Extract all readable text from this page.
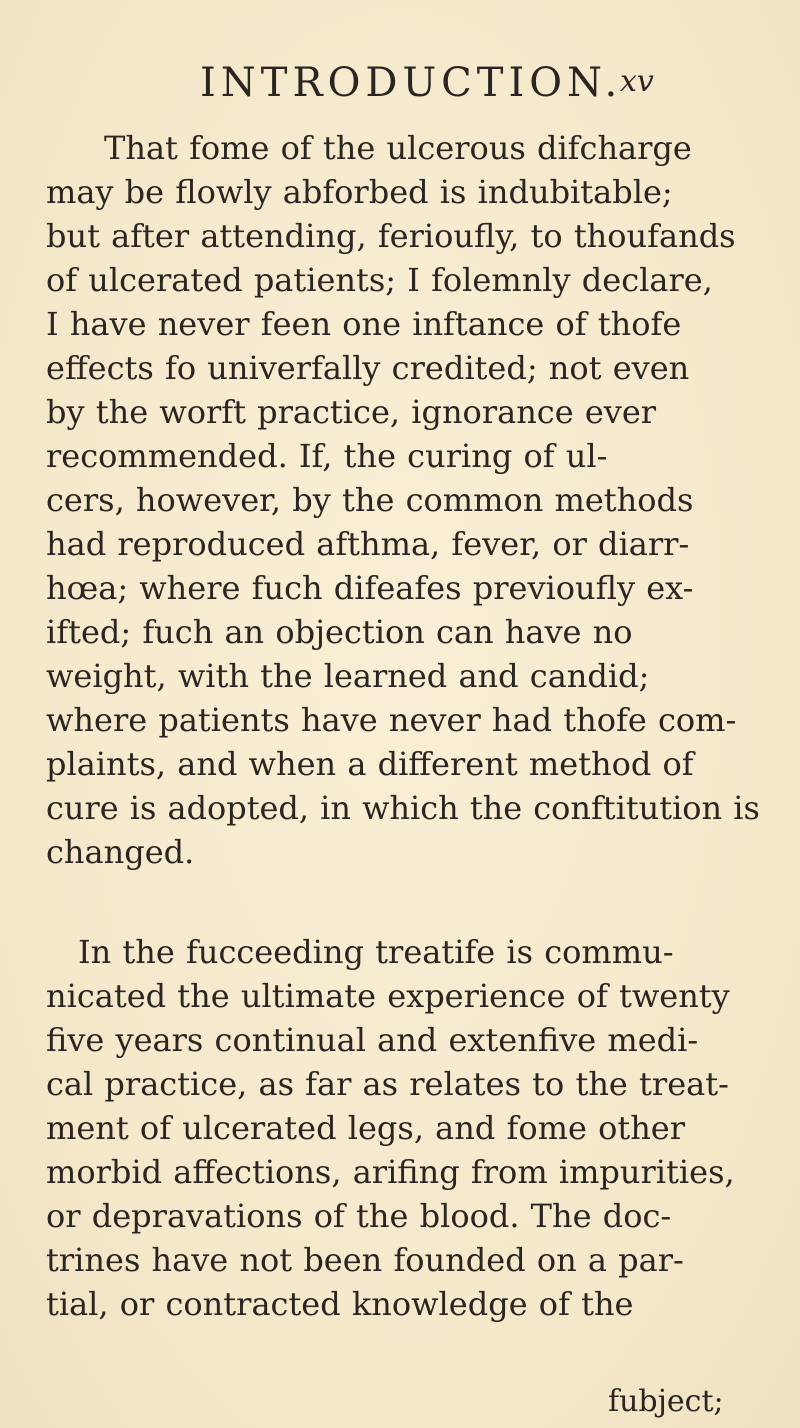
INTRODUCTION.
xv
That fome of the ulcerous difcharge
may be flowly abforbed is indubitable;
but after attending, ferioufly, to thoufands
of ulcerated patients; I folemnly declare,
I have never feen one inftance of thofe
effects fo univerfally credited; not even
by the worft practice, ignorance ever
recommended. If, the curing of ul-
cers, however, by the common methods
had reproduced afthma, fever, or diarr-
hœa; where fuch difeafes previoufly ex-
ifted; fuch an objection can have no
weight, with the learned and candid;
where patients have never had thofe com-
plaints, and when a different method of
cure is adopted, in which the conftitution is
changed.
In the fucceeding treatife is commu-
nicated the ultimate experience of twenty
five years continual and extenfive medi-
cal practice, as far as relates to the treat-
ment of ulcerated legs, and fome other
morbid affections, arifing from impurities,
or depravations of the blood. The doc-
trines have not been founded on a par-
tial, or contracted knowledge of the
fubject;
